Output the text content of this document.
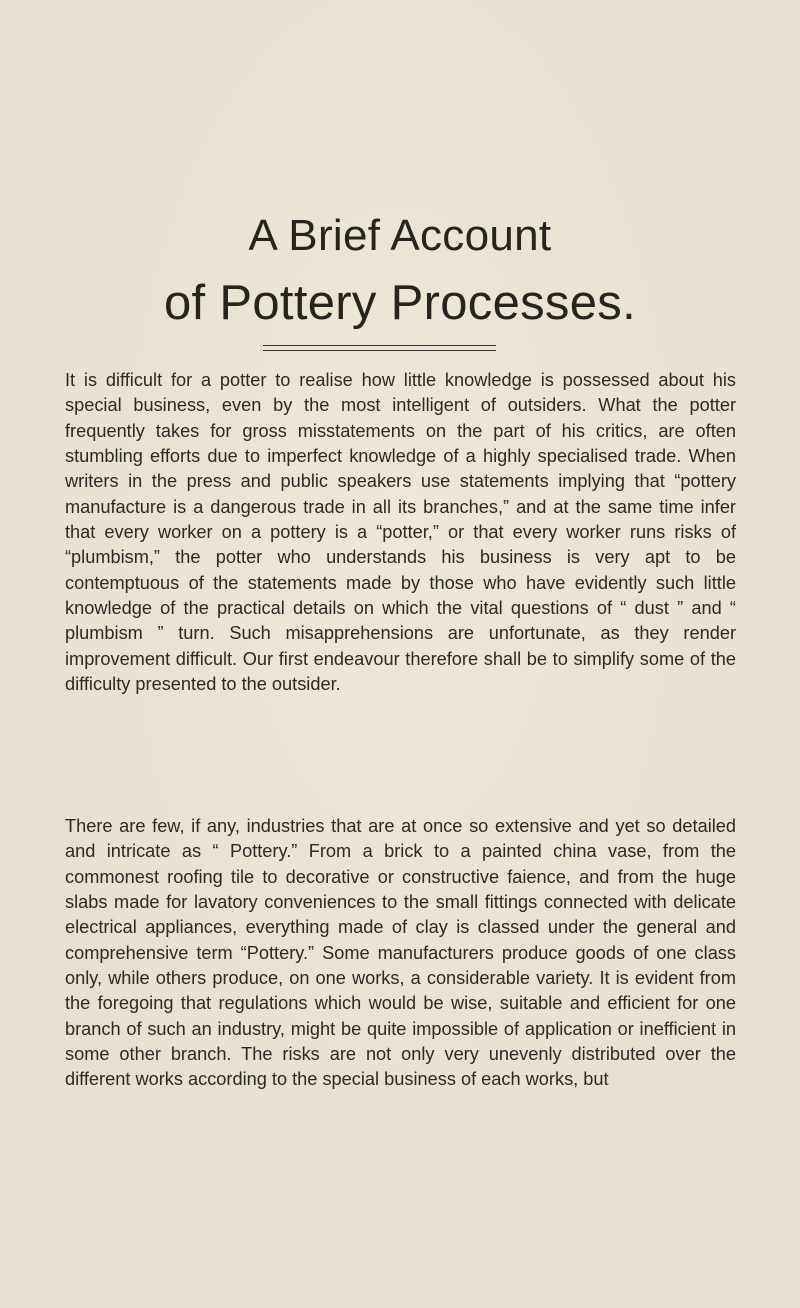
A Brief Account
of Pottery Processes.

It is difficult for a potter to realise how little knowledge is possessed about his special business, even by the most intelligent of outsiders. What the potter frequently takes for gross misstatements on the part of his critics, are often stumbling efforts due to imperfect knowledge of a highly specialised trade. When writers in the press and public speakers use statements implying that “pottery manufacture is a dangerous trade in all its branches,” and at the same time infer that every worker on a pottery is a “potter,” or that every worker runs risks of “plumbism,” the potter who understands his business is very apt to be contemptuous of the statements made by those who have evidently such little knowledge of the practical details on which the vital questions of “ dust ” and “ plumbism ” turn. Such misapprehensions are unfortunate, as they render improvement difficult. Our first endeavour therefore shall be to simplify some of the difficulty presented to the outsider.

There are few, if any, industries that are at once so extensive and yet so detailed and intricate as “ Pottery.” From a brick to a painted china vase, from the commonest roofing tile to decorative or constructive faience, and from the huge slabs made for lavatory conveniences to the small fittings connected with delicate electrical appliances, everything made of clay is classed under the general and comprehensive term “Pottery.” Some manufacturers produce goods of one class only, while others produce, on one works, a considerable variety. It is evident from the foregoing that regulations which would be wise, suitable and efficient for one branch of such an industry, might be quite impossible of application or inefficient in some other branch. The risks are not only very unevenly distributed over the different works according to the special business of each works, but
